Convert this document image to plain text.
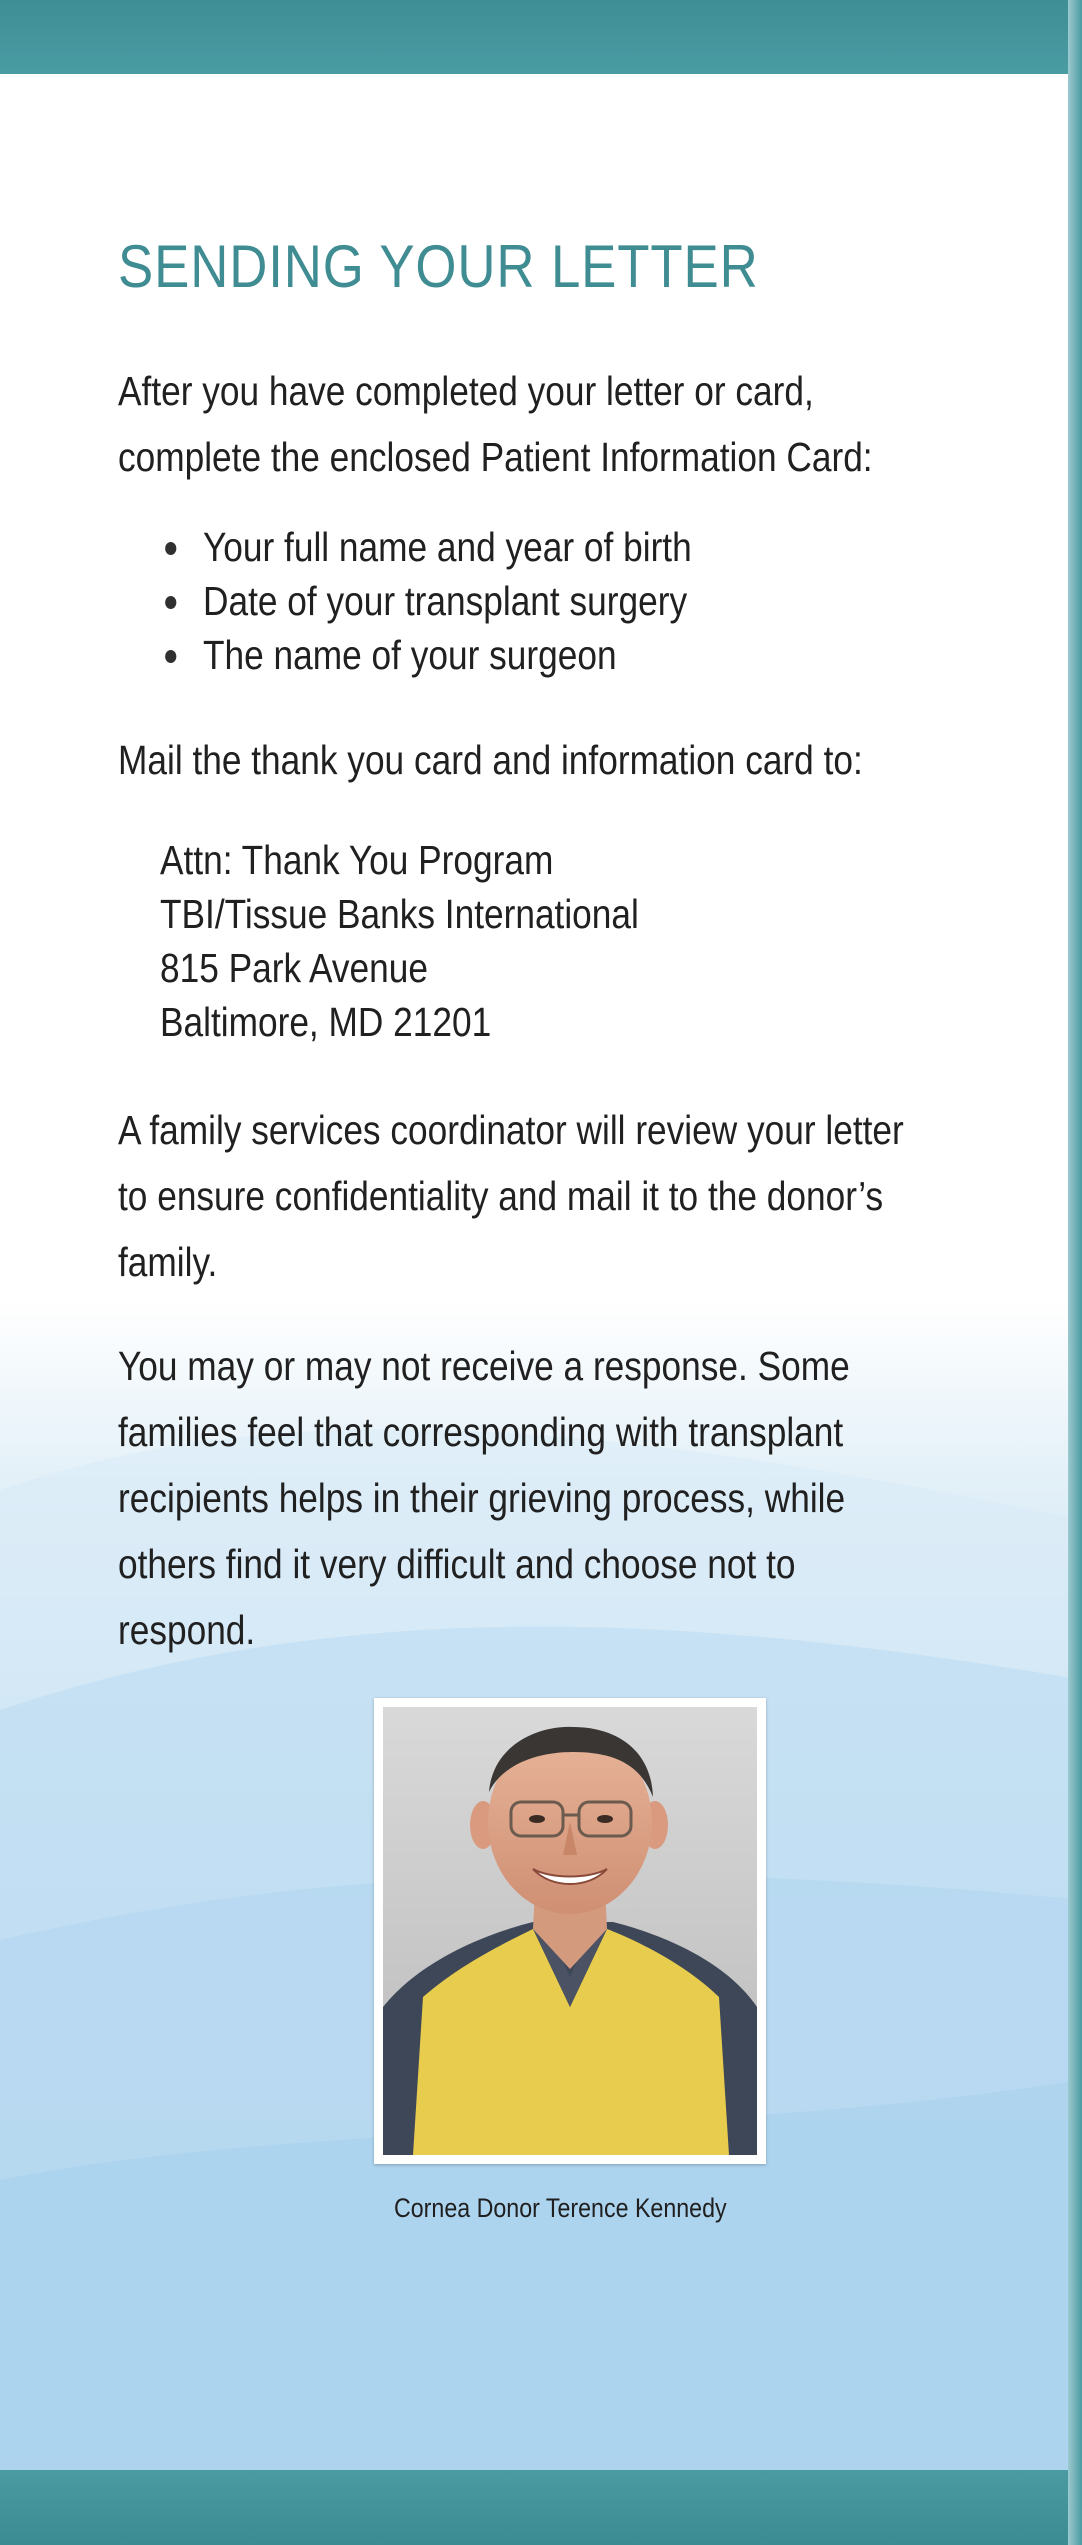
SENDING YOUR LETTER
After you have completed your letter or card,
complete the enclosed Patient Information Card:
Your full name and year of birth
Date of your transplant surgery
The name of your surgeon
Mail the thank you card and information card to:
Attn: Thank You Program
TBI/Tissue Banks International
815 Park Avenue
Baltimore, MD 21201
A family services coordinator will review your letter
to ensure confidentiality and mail it to the donor’s
family.
You may or may not receive a response. Some
families feel that corresponding with transplant
recipients helps in their grieving process, while
others find it very difficult and choose not to
respond.
Cornea Donor Terence Kennedy
